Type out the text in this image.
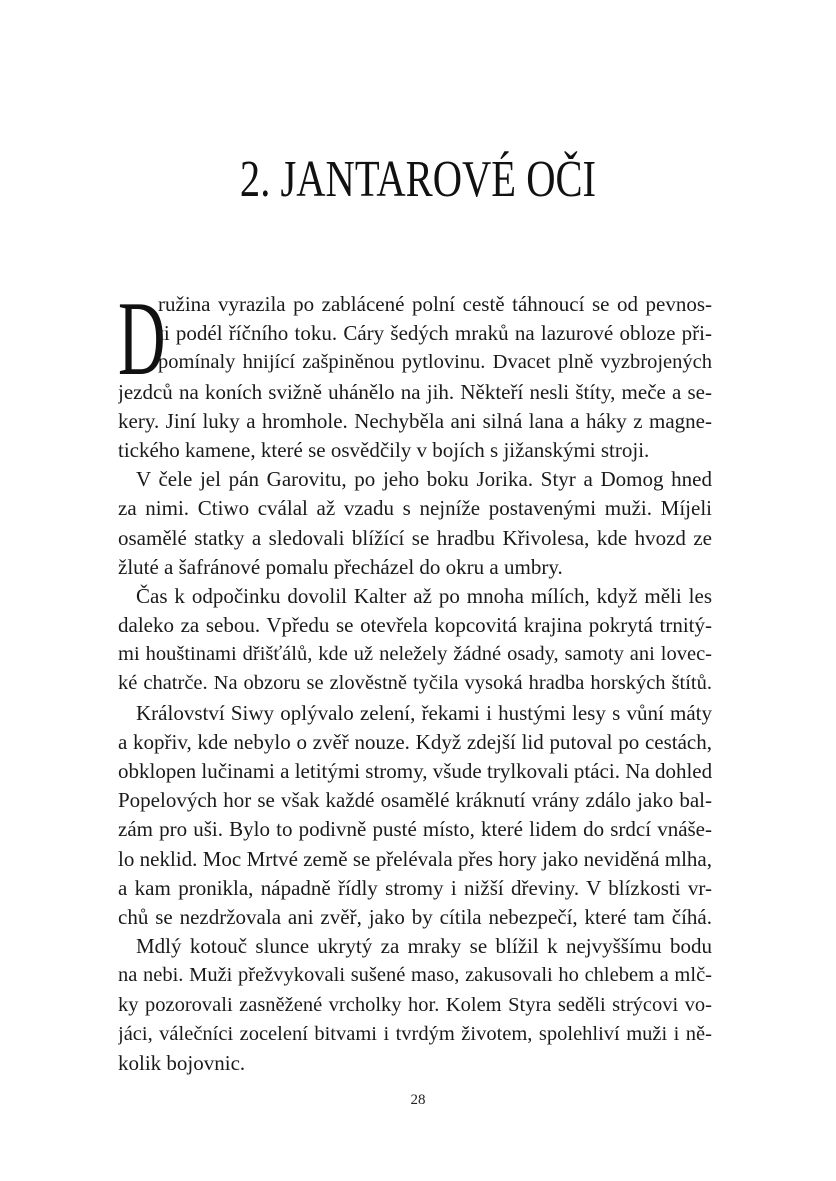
2. JANTAROVÉ OČI
D
ružina vyrazila po zablácené polní cestě táhnoucí se od pevnos-
ti podél říčního toku. Cáry šedých mraků na lazurové obloze při-
pomínaly hnijící zašpiněnou pytlovinu. Dvacet plně vyzbrojených
jezdců na koních svižně uhánělo na jih. Někteří nesli štíty, meče a se-
kery. Jiní luky a hromhole. Nechyběla ani silná lana a háky z magne-
tického kamene, které se osvědčily v bojích s jižanskými stroji.
V čele jel pán Garovitu, po jeho boku Jorika. Styr a Domog hned
za nimi. Ctiwo cválal až vzadu s nejníže postavenými muži. Míjeli
osamělé statky a sledovali blížící se hradbu Křivolesa, kde hvozd ze
žluté a šafránové pomalu přecházel do okru a umbry.
Čas k odpočinku dovolil Kalter až po mnoha mílích, když měli les
daleko za sebou. Vpředu se otevřela kopcovitá krajina pokrytá trnitý-
mi houštinami dřišťálů, kde už neležely žádné osady, samoty ani lovec-
ké chatrče. Na obzoru se zlověstně tyčila vysoká hradba horských štítů.
Království Siwy oplývalo zelení, řekami i hustými lesy s vůní máty
a kopřiv, kde nebylo o zvěř nouze. Když zdejší lid putoval po cestách,
obklopen lučinami a letitými stromy, všude trylkovali ptáci. Na dohled
Popelových hor se však každé osamělé kráknutí vrány zdálo jako bal-
zám pro uši. Bylo to podivně pusté místo, které lidem do srdcí vnáše-
lo neklid. Moc Mrtvé země se přelévala přes hory jako neviděná mlha,
a kam pronikla, nápadně řídly stromy i nižší dřeviny. V blízkosti vr-
chů se nezdržovala ani zvěř, jako by cítila nebezpečí, které tam číhá.
Mdlý kotouč slunce ukrytý za mraky se blížil k nejvyššímu bodu
na nebi. Muži přežvykovali sušené maso, zakusovali ho chlebem a mlč-
ky pozorovali zasněžené vrcholky hor. Kolem Styra seděli strýcovi vo-
jáci, válečníci zocelení bitvami i tvrdým životem, spolehliví muži i ně-
kolik bojovnic.
28
